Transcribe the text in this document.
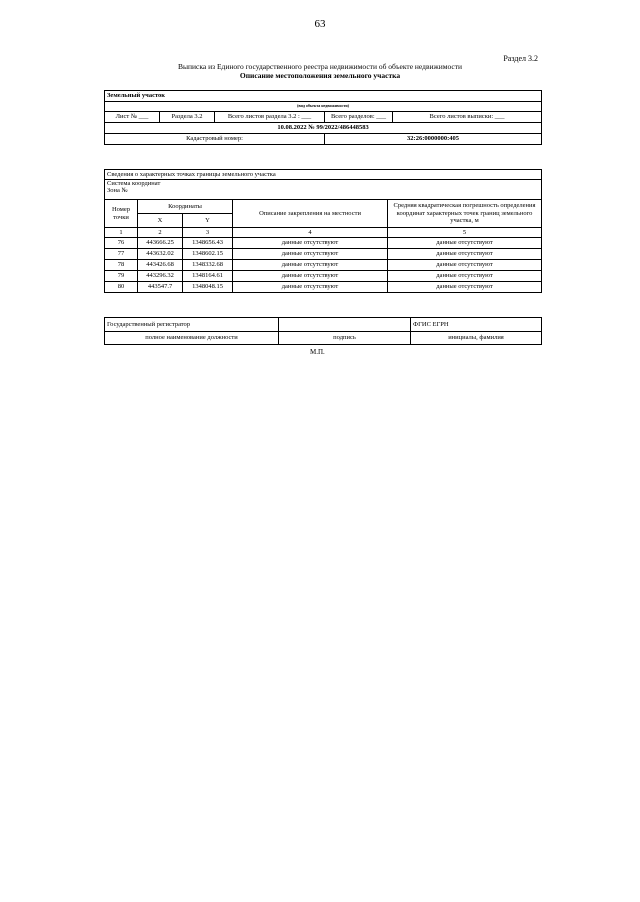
63
Раздел 3.2
Выписка из Единого государственного реестра недвижимости об объекте недвижимости
Описание местоположения земельного участка
Земельный участок				
(вид объекта недвижимости)				
Лист № ___	Раздела 3.2	Всего листов раздела 3.2 : ___	Всего разделов: ___	Всего листов выписки: ___
10.08.2022 № 99/2022/486448583				
Кадастровый номер:			32:26:0000000:405	
Сведения о характерных точках границы земельного участка				

Система координат
Зона №				

Номер точки	Координаты		Описание закрепления на местности	Средняя квадратическая погрешность определения координат характерных точек границ земельного участка, м
	X	Y		
1	2	3	4	5
76	443666.25	1348656.43	данные отсутствуют	данные отсутствуют
77	443632.02	1348602.15	данные отсутствуют	данные отсутствуют
78	443426.68	1348332.68	данные отсутствуют	данные отсутствуют
79	443296.32	1348164.61	данные отсутствуют	данные отсутствуют
80	443547.7	1348048.15	данные отсутствуют	данные отсутствуют
Государственный регистратор		ФГИС ЕГРН
полное наименование должности	подпись	инициалы, фамилия
М.П.
